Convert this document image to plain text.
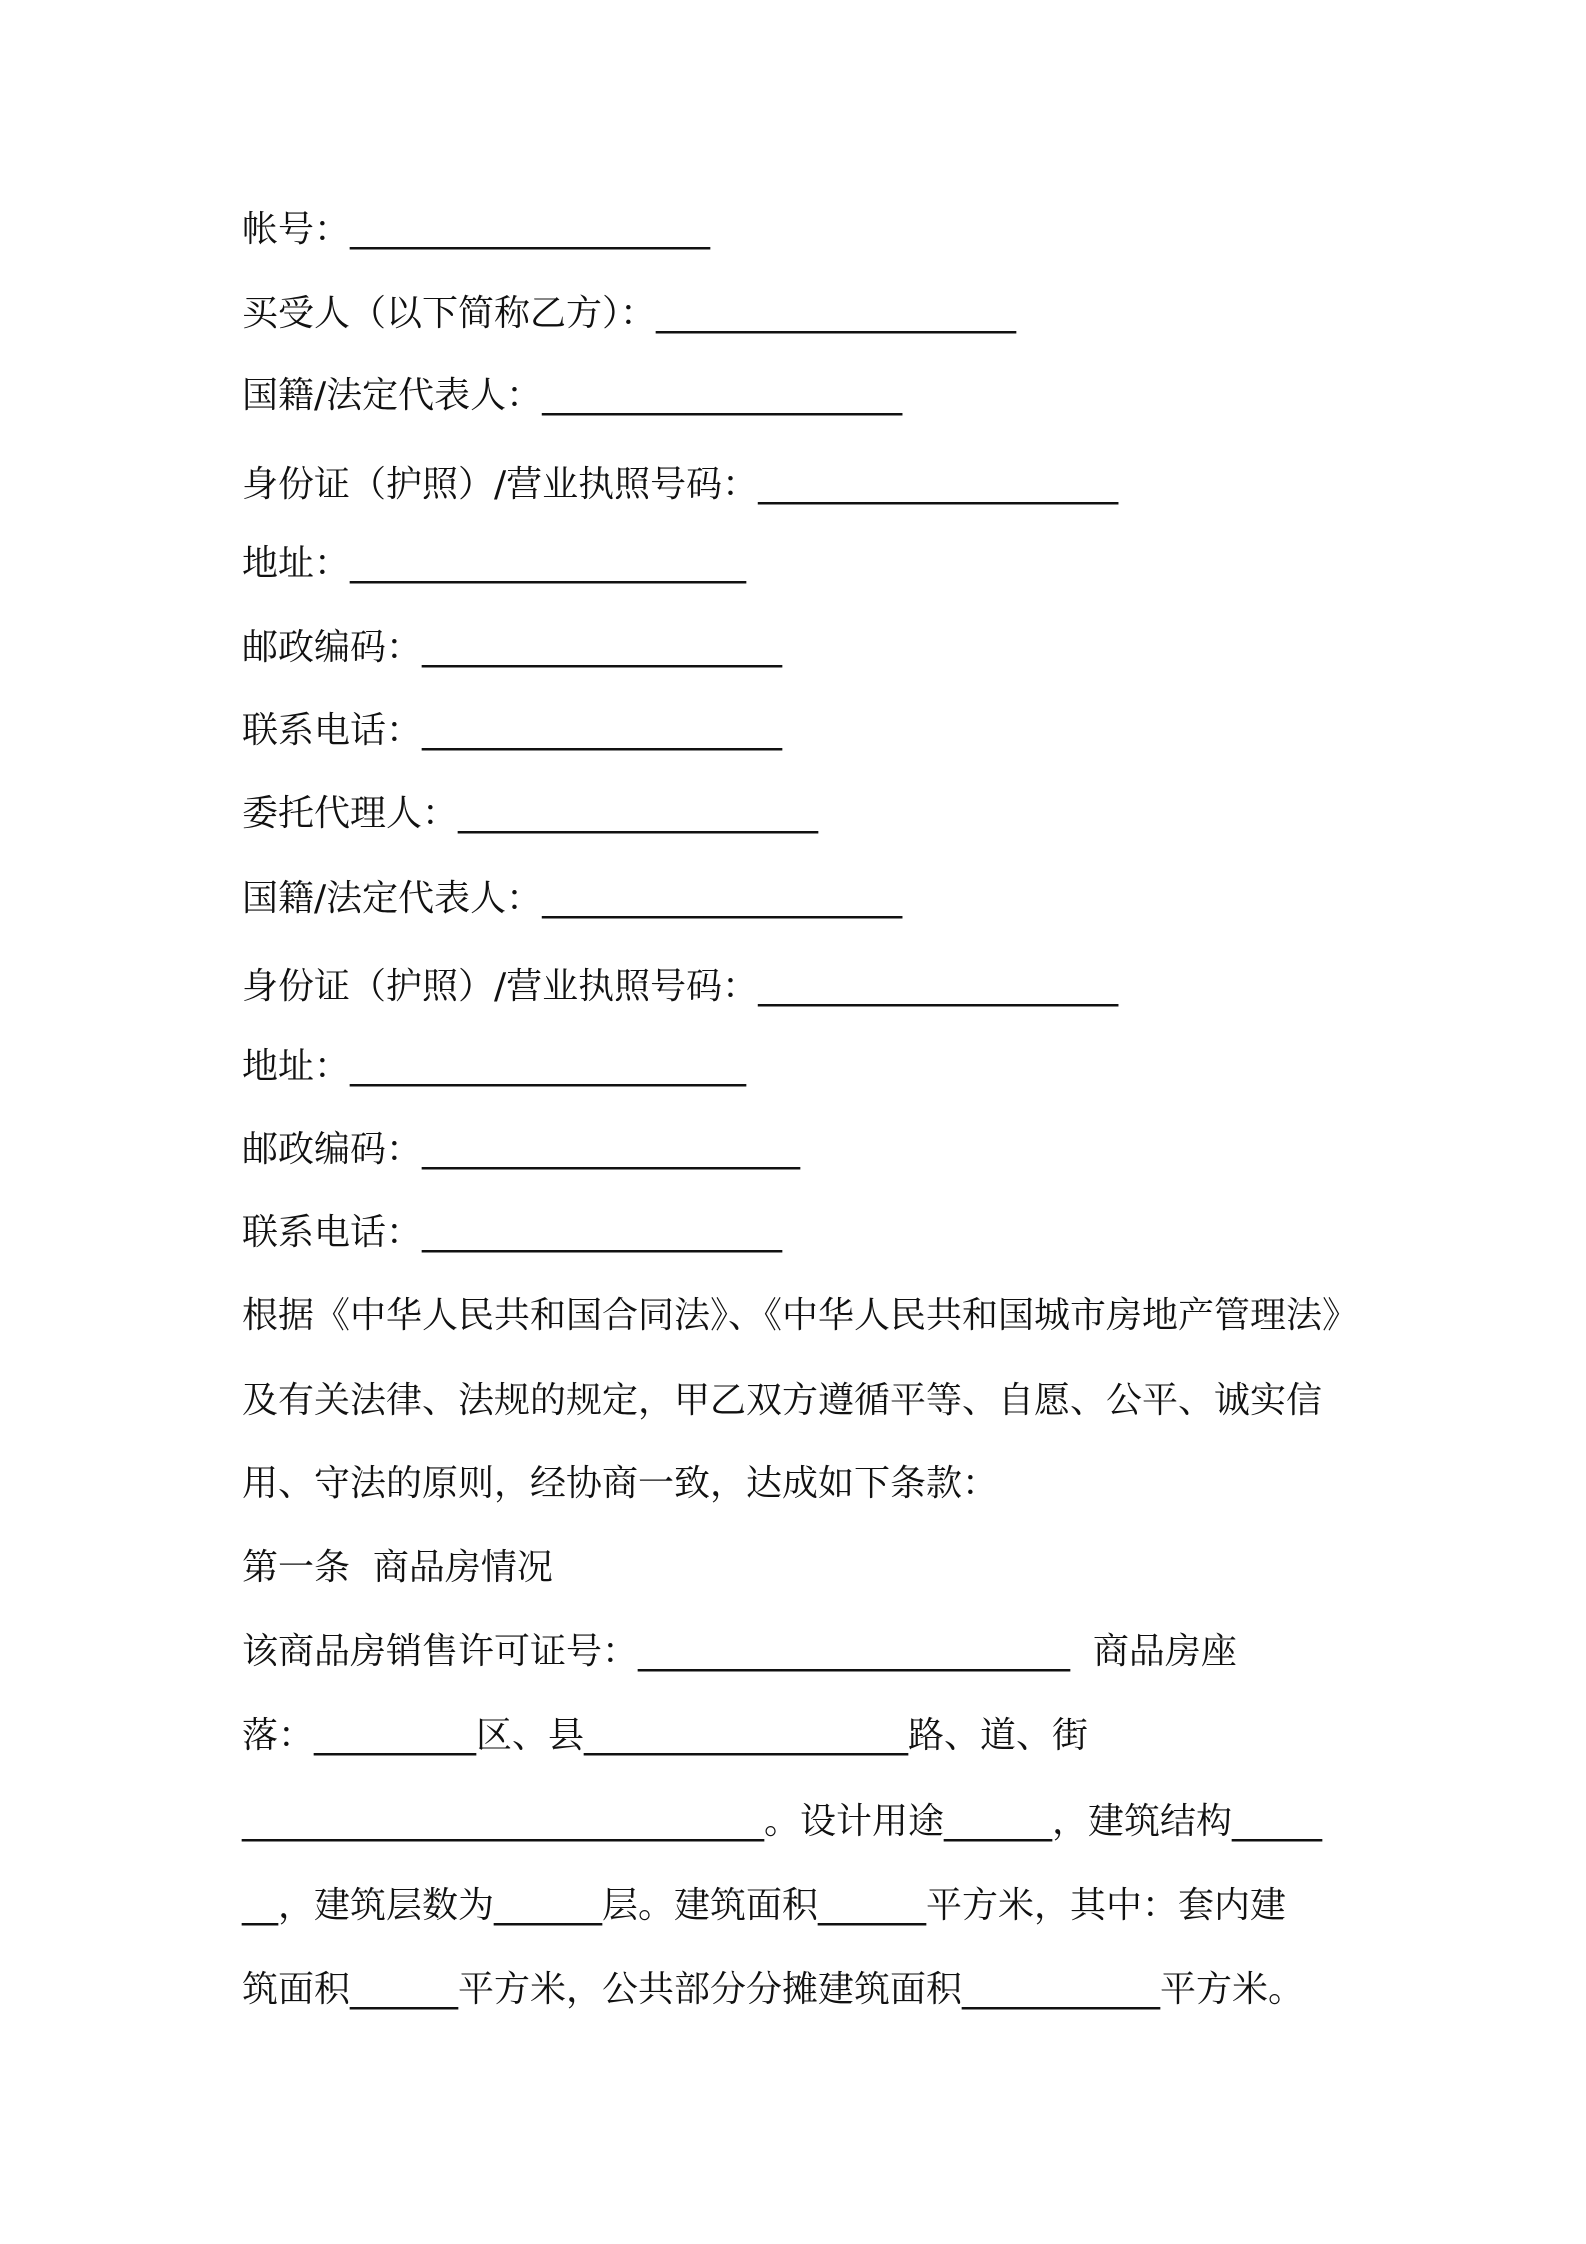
帐号：____________________
买受人（以下简称乙方）：____________________
国籍/法定代表人：____________________
身份证（护照）/营业执照号码：____________________
地址：______________________
邮政编码：____________________
联系电话：____________________
委托代理人：____________________
国籍/法定代表人：____________________
身份证（护照）/营业执照号码：____________________
地址：______________________
邮政编码：_____________________
联系电话：____________________
根据《中华人民共和国合同法》、《中华人民共和国城市房地产管理法》
及有关法律、法规的规定，甲乙双方遵循平等、自愿、公平、诚实信
用、守法的原则，经协商一致，达成如下条款：
第一条  商品房情况
该商品房销售许可证号：________________________  商品房座
落：_________区、县__________________路、道、街
_____________________________。设计用途______，建筑结构_____
__，建筑层数为______层。建筑面积______平方米，其中：套内建
筑面积______平方米，公共部分分摊建筑面积___________平方米。
